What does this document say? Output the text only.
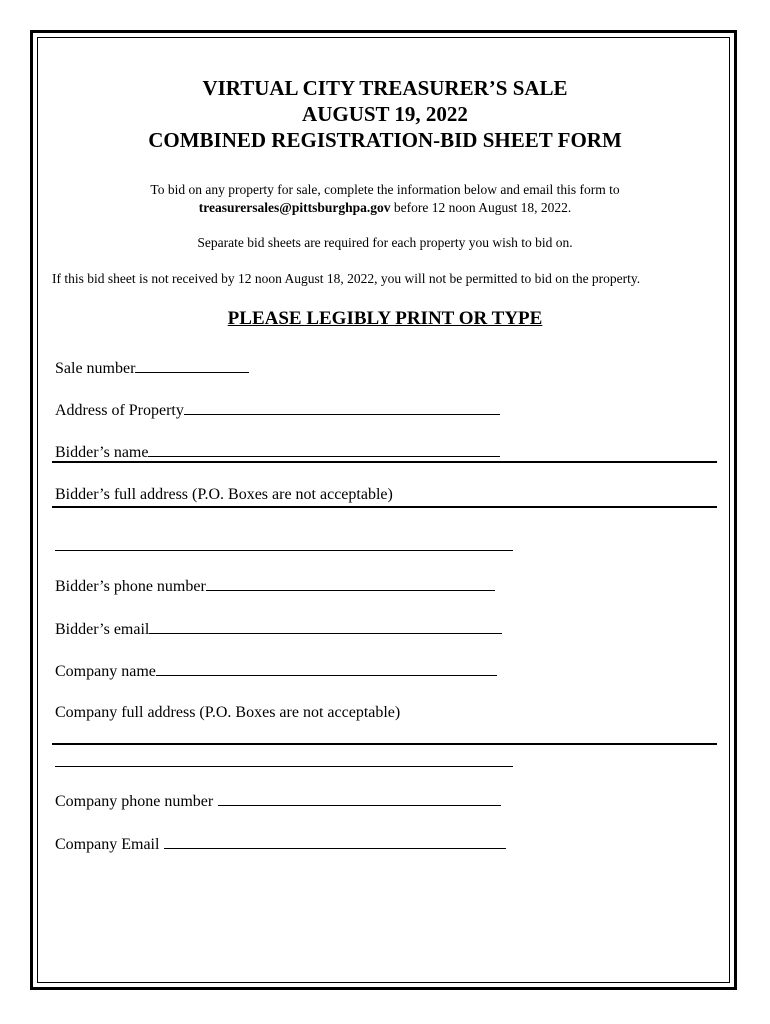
VIRTUAL CITY TREASURER’S SALE
AUGUST 19, 2022
COMBINED REGISTRATION-BID SHEET FORM
To bid on any property for sale, complete the information below and email this form to
treasurersales@pittsburghpa.gov before 12 noon August 18, 2022.
Separate bid sheets are required for each property you wish to bid on.
If this bid sheet is not received by 12 noon August 18, 2022, you will not be permitted to bid on the property.
PLEASE LEGIBLY PRINT OR TYPE
Sale number
Address of Property
Bidder’s name
Bidder’s full address (P.O. Boxes are not acceptable)
Bidder’s phone number
Bidder’s email
Company name
Company full address (P.O. Boxes are not acceptable)
Company phone number
Company Email
